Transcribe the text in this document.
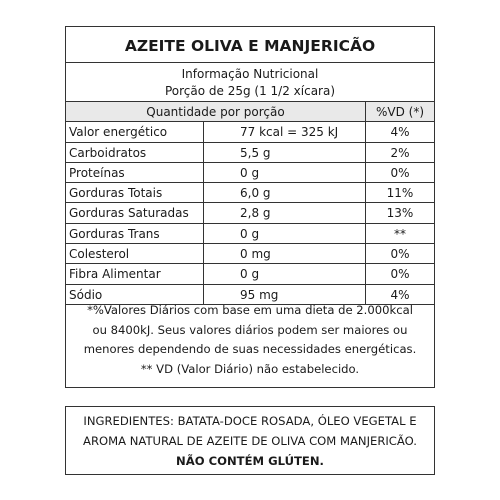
AZEITE OLIVA E MANJERICÃO
Informação Nutricional
Porção de 25g (1 1/2 xícara)
Quantidade por porção	%VD (*)
Valor energético	77 kcal = 325 kJ	4%
Carboidratos	5,5 g	2%
Proteínas	0 g	0%
Gorduras Totais	6,0 g	11%
Gorduras Saturadas	2,8 g	13%
Gorduras Trans	0 g	**
Colesterol	0 mg	0%
Fibra Alimentar	0 g	0%
Sódio	95 mg	4%
*%Valores Diários com base em uma dieta de 2.000kcal
ou 8400kJ. Seus valores diários podem ser maiores ou
menores dependendo de suas necessidades energéticas.
** VD (Valor Diário) não estabelecido.
INGREDIENTES: BATATA-DOCE ROSADA, ÓLEO VEGETAL E
AROMA NATURAL DE AZEITE DE OLIVA COM MANJERICÃO.
NÃO CONTÉM GLÚTEN.
